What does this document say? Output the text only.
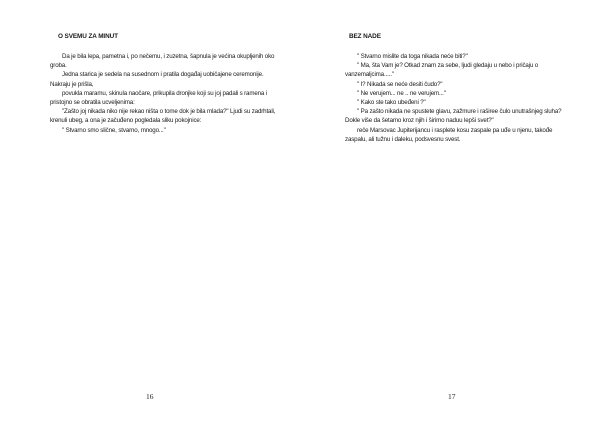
O SVEMU ZA MINUT

Da je bila lepa, pametna i, po nečemu, i zuzetna, šapnula je većina okupljenih oko groba.

Jedna starica je sedela na susednom i pratila događaj uobičajene ceremonije. Nakraju je prišla,

povukla maramu, skinula naočare, prikupila dronjke koji su joj padali s ramena i pristojno se obratila ucveljenima:

"Zašto joj nikada niko nije rekao ništa o tome dok je bila mlada?" Ljudi su zadrhtali, krenuli ubeg, a ona je začuđeno pogledala sliku pokojnice:

" Stvarno smo slične, stvarno, mnogo..."

16
BEZ NADE

" Stvarno mislite da toga nikada neće biti?"

" Ma, šta Vam je? Otkad znam za sebe, ljudi gledaju u nebo i pričaju o vanzemaljcima....."

" I? Nikada se neće desiti čudo?"

" Ne verujem... ne .. ne verujem..."

" Kako ste tako ubeđeni ?"

" Pa zašto nikada ne spustete glavu, zažmure i raširee čulo unutrašnjeg sluha? Dokle više da šetamo kroz njih i širimo naduu lepši svet?"

reče Marsovac Jupiterijancu i rasplete kosu zaspale pa uđe u njenu, takođe zaspalu, ali tužnu i daleku, podsvesnu svest.

17
